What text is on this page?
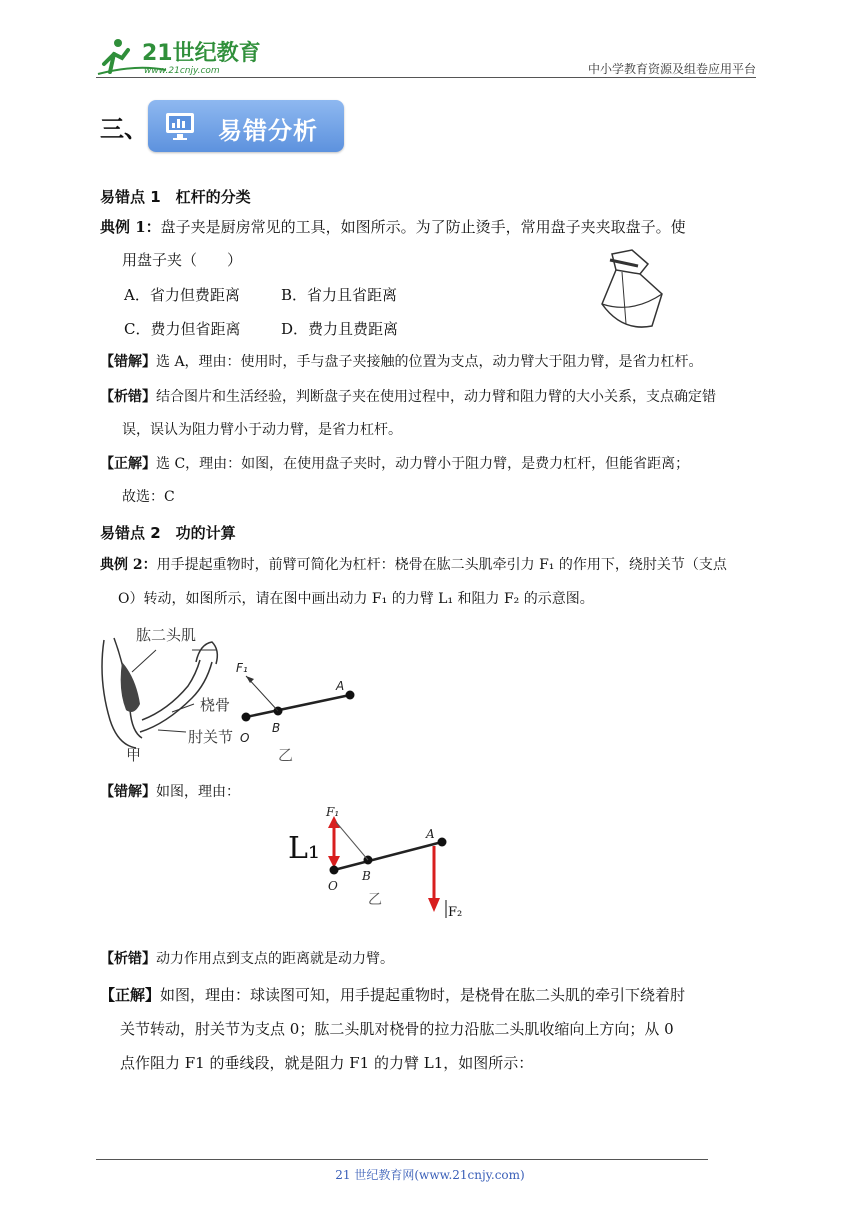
21世纪教育
www.21cnjy.com	中小学教育资源及组卷应用平台
三、	易错分析
易错点 1　杠杆的分类
典例 1：盘子夹是厨房常见的工具，如图所示。为了防止烫手，常用盘子夹夹取盘子。使
用盘子夹（　　）
A．省力但费距离	B．省力且省距离
C．费力但省距离	D．费力且费距离
【错解】选 A，理由：使用时，手与盘子夹接触的位置为支点，动力臂大于阻力臂，是省力杠杆。
【析错】结合图片和生活经验，判断盘子夹在使用过程中，动力臂和阻力臂的大小关系，支点确定错
误，误认为阻力臂小于动力臂，是省力杠杆。
【正解】选 C，理由：如图，在使用盘子夹时，动力臂小于阻力臂，是费力杠杆，但能省距离；
故选：C
易错点 2　功的计算
典例 2：用手提起重物时，前臂可简化为杠杆：桡骨在肱二头肌牵引力 F₁ 的作用下，绕肘关节（支点
O）转动，如图所示，请在图中画出动力 F₁ 的力臂 L₁ 和阻力 F₂ 的示意图。
肱二头肌
桡骨
肘关节
甲
F₁
A
B
O
乙
【错解】如图，理由：
L₁
F₁
A
B
O
乙
F₂
【析错】动力作用点到支点的距离就是动力臂。
【正解】如图，理由：球读图可知，用手提起重物时，是桡骨在肱二头肌的牵引下绕着肘
关节转动，肘关节为支点 0；肱二头肌对桡骨的拉力沿肱二头肌收缩向上方向；从 0
点作阻力 F1 的垂线段，就是阻力 F1 的力臂 L1，如图所示：
21 世纪教育网(www.21cnjy.com)
